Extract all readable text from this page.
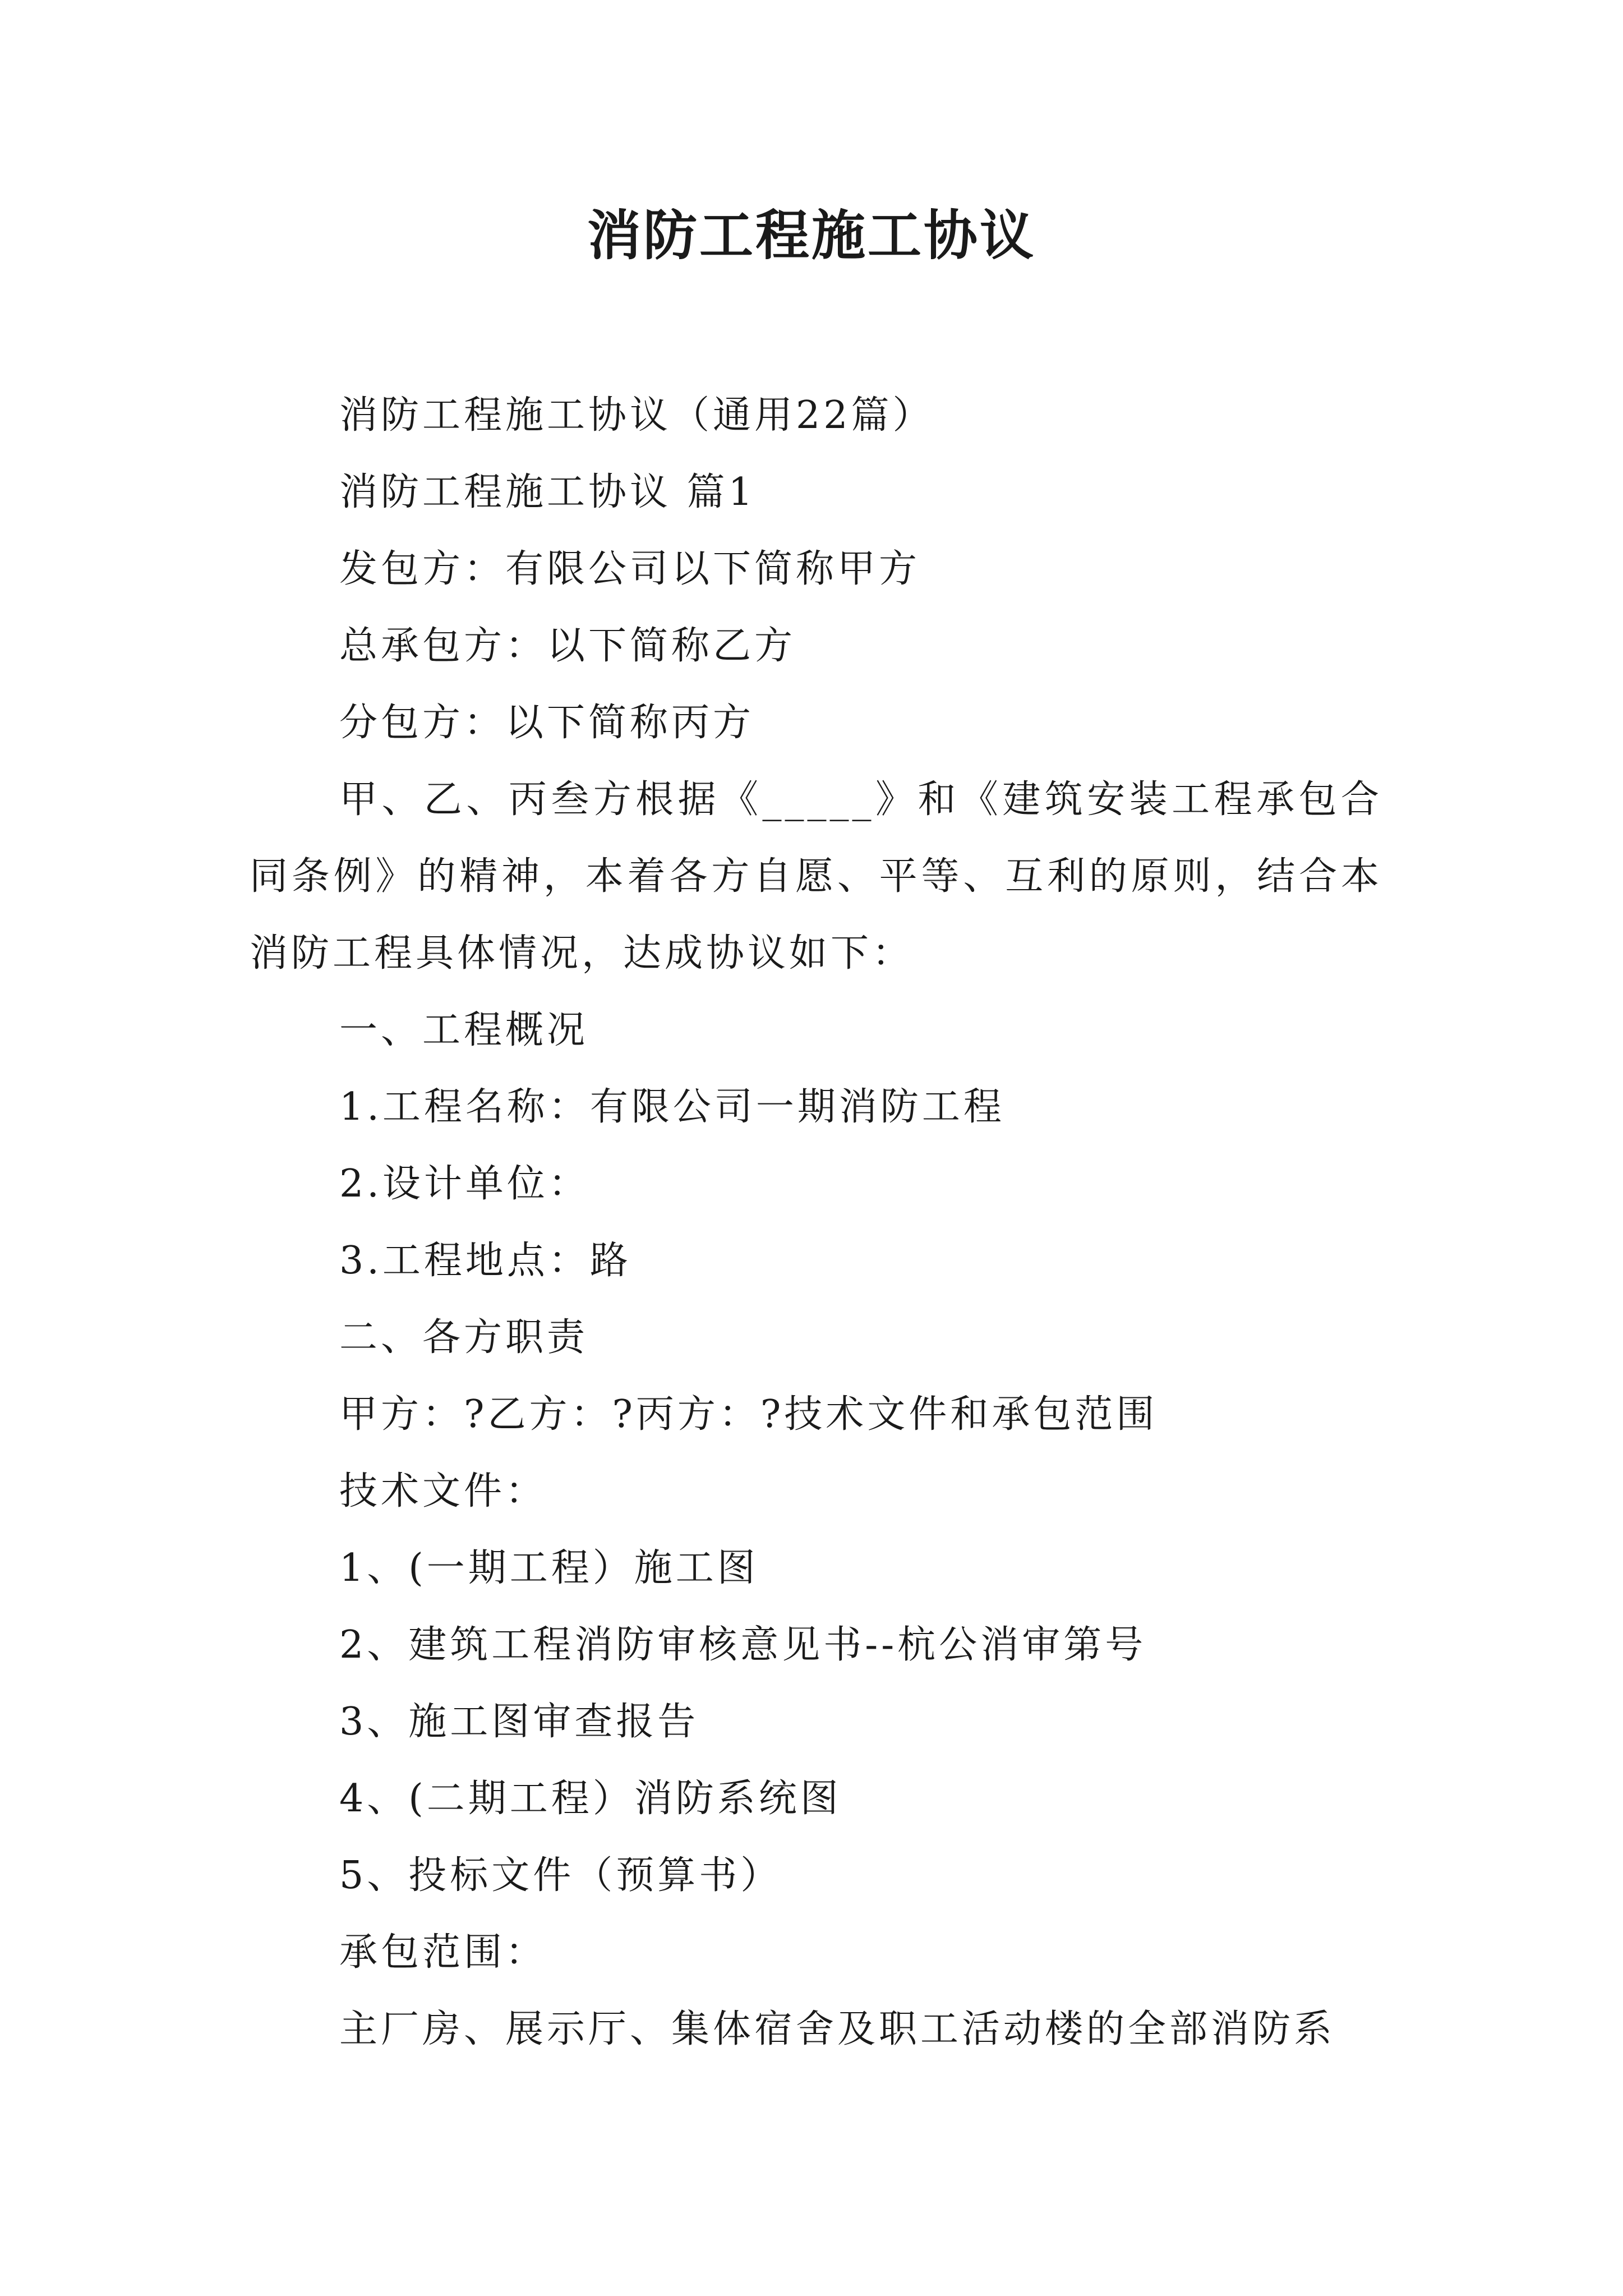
消防工程施工协议

消防工程施工协议（通用22篇）

消防工程施工协议 篇1

发包方：有限公司以下简称甲方

总承包方：以下简称乙方

分包方：以下简称丙方

甲、乙、丙叁方根据《_____》和《建筑安装工程承包合同条例》的精神，本着各方自愿、平等、互利的原则，结合本消防工程具体情况，达成协议如下：

一、工程概况

1.工程名称：有限公司一期消防工程

2.设计单位：

3.工程地点：路

二、各方职责

甲方：?乙方：?丙方：?技术文件和承包范围

技术文件：

1、(一期工程）施工图

2、建筑工程消防审核意见书--杭公消审第号

3、施工图审查报告

4、(二期工程）消防系统图

5、投标文件（预算书）

承包范围：

主厂房、展示厅、集体宿舍及职工活动楼的全部消防系
